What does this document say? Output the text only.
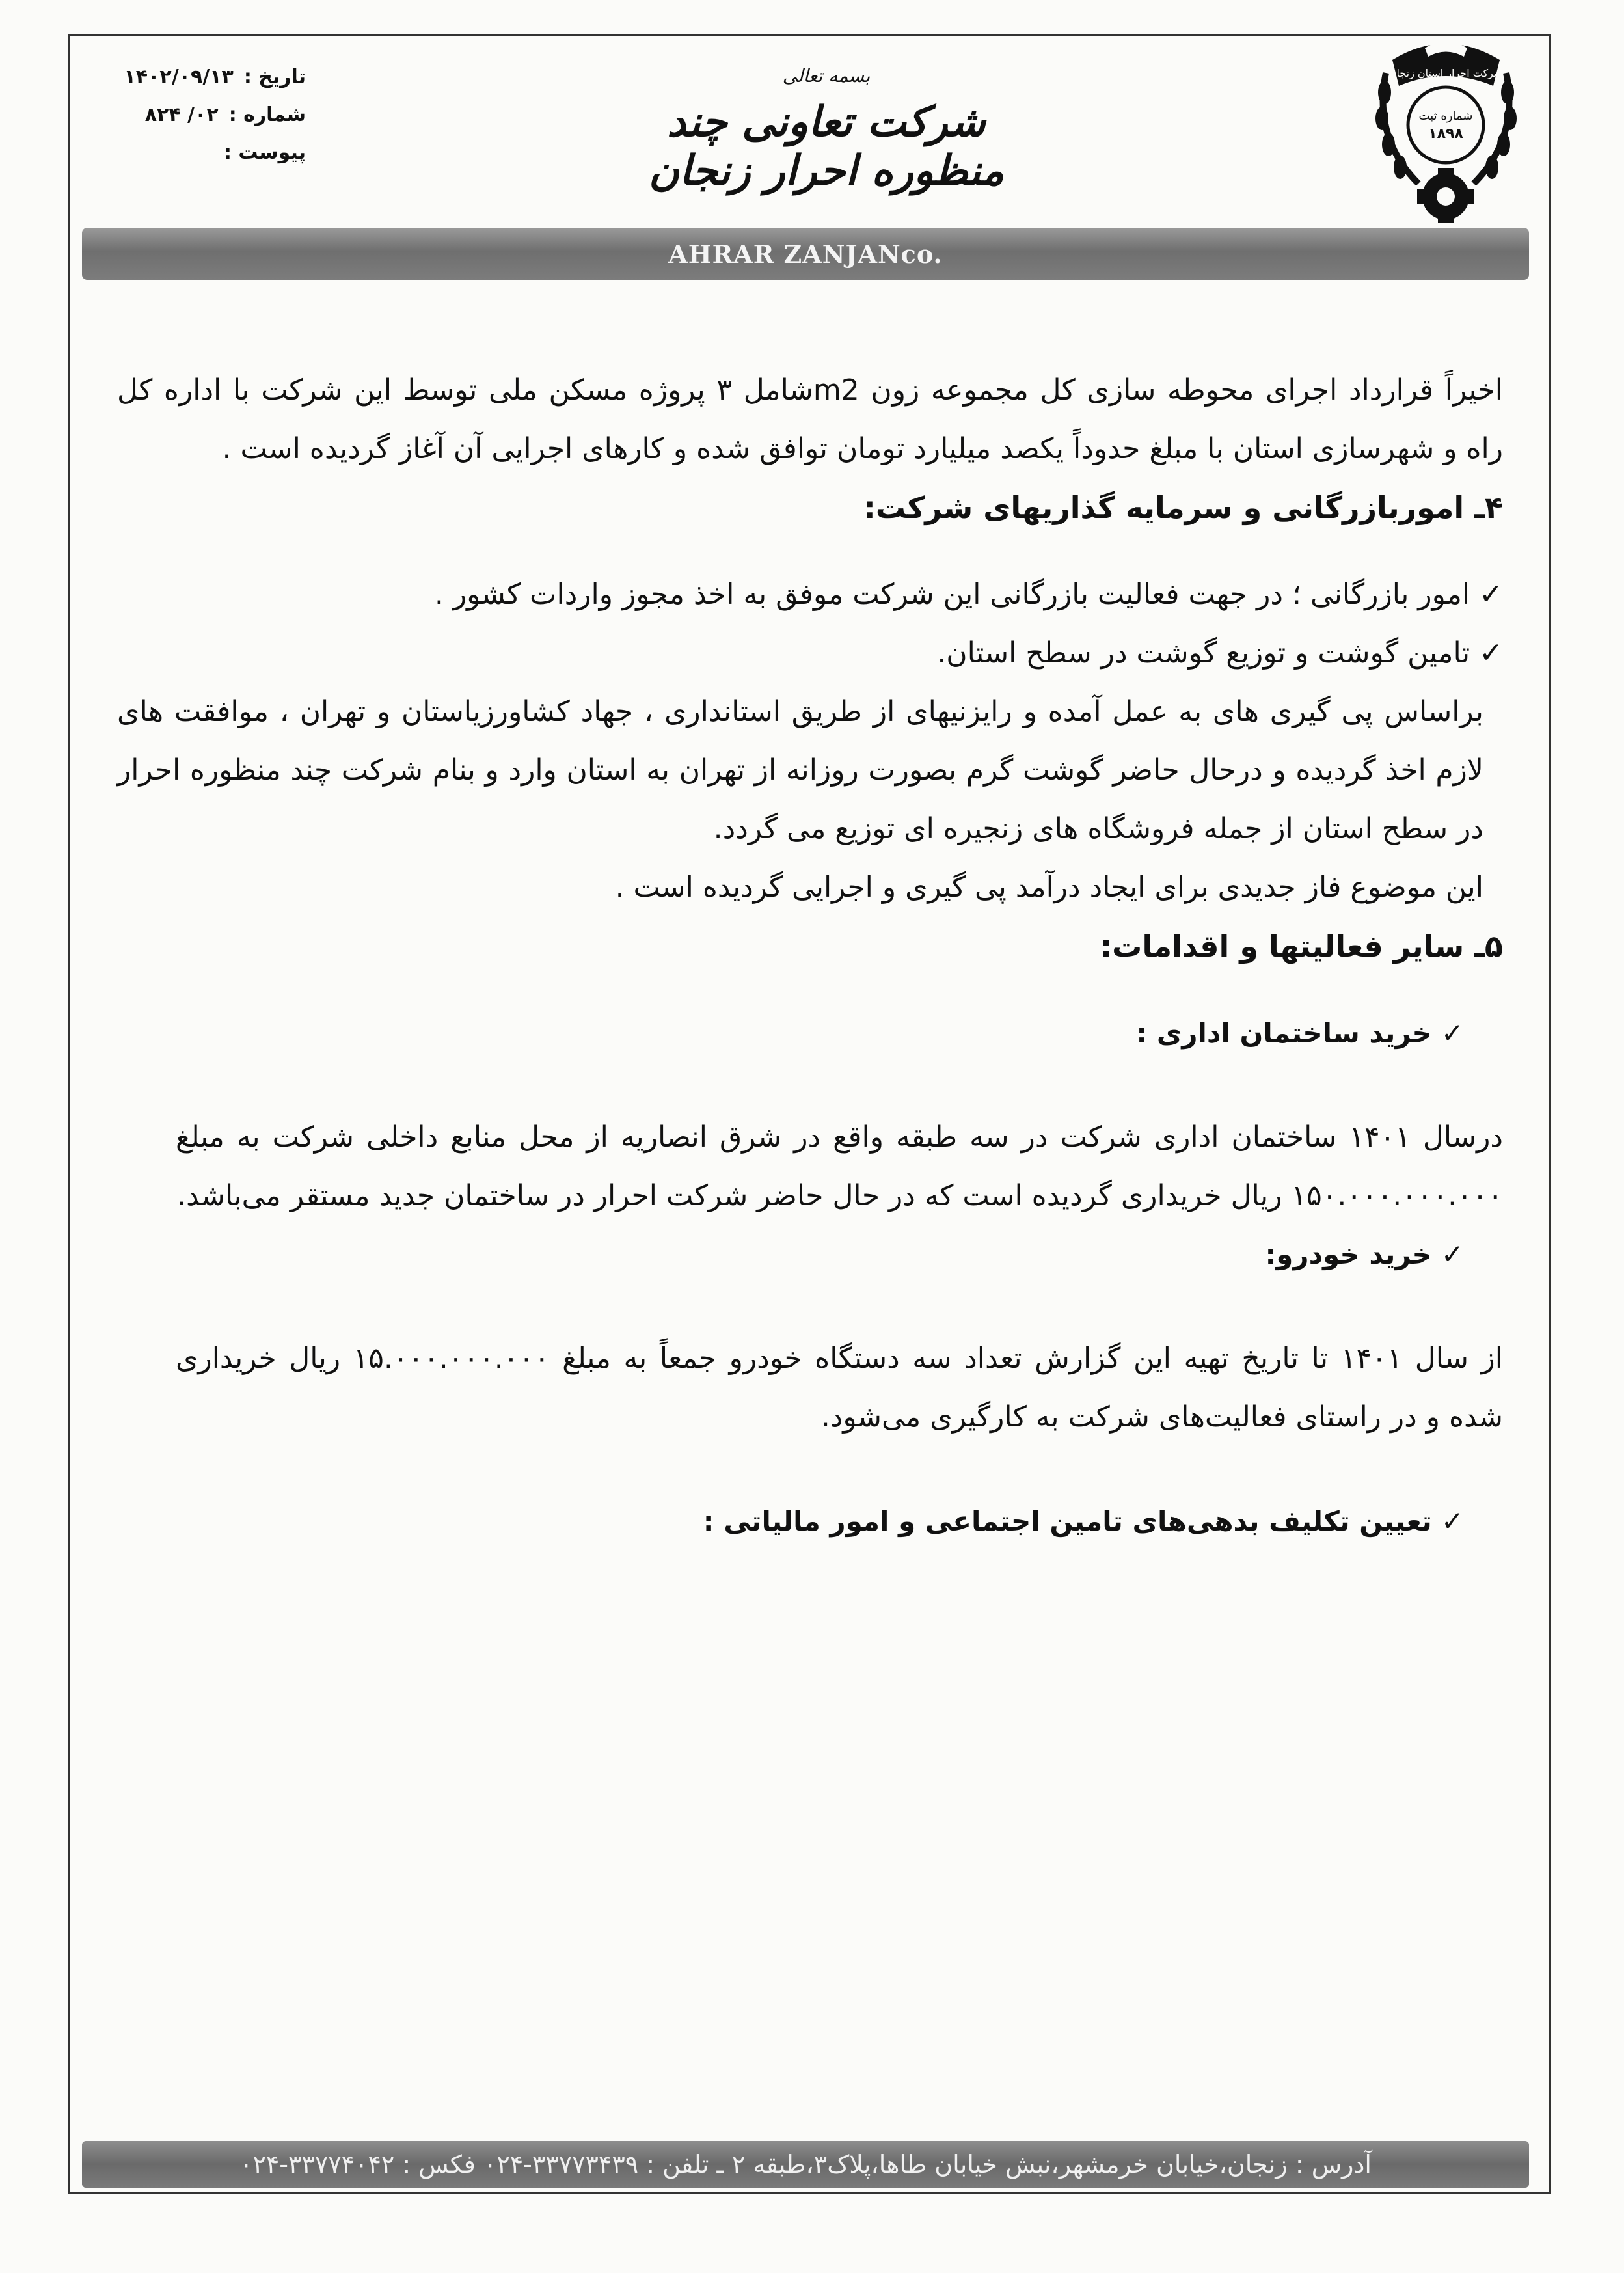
شرکت احرار استان زنجان
شماره ثبت
۱۸۹۸
بسمه تعالی
شرکت تعاونی چند منظوره احرار زنجان
تاریخ :
۱۴۰۲/۰۹/۱۳
شماره :
۰۲/ ۸۲۴
پیوست :
AHRAR ZANJANco.

اخیراً قرارداد اجرای محوطه سازی کل مجموعه زون m2شامل ۳ پروژه مسکن ملی توسط این شرکت با اداره کل راه و شهرسازی استان با مبلغ حدوداً یکصد میلیارد تومان توافق شده و کارهای اجرایی آن آغاز گردیده است .

۴ـ اموربازرگانی و سرمایه گذاریهای شرکت:

✓امور بازرگانی ؛ در جهت فعالیت بازرگانی این شرکت موفق به اخذ مجوز واردات کشور .

✓تامین گوشت و توزیع گوشت در سطح استان.

براساس پی گیری های به عمل آمده و رایزنیهای از طریق استانداری ، جهاد کشاورزیاستان و تهران ، موافقت های لازم اخذ گردیده و درحال حاضر گوشت گرم بصورت روزانه از تهران به استان وارد و بنام شرکت چند منظوره احرار در سطح استان از جمله فروشگاه های زنجیره ای توزیع می گردد.

این موضوع فاز جدیدی برای ایجاد درآمد پی گیری و اجرایی گردیده است .

۵ـ سایر فعالیتها و اقدامات:

✓خرید ساختمان اداری :

درسال ۱۴۰۱ ساختمان اداری شرکت در سه طبقه واقع در شرق انصاریه از محل منابع داخلی شرکت به مبلغ ۱۵۰.۰۰۰.۰۰۰.۰۰۰ ریال خریداری گردیده است که در حال حاضر شرکت احرار در ساختمان جدید مستقر می‌باشد.

✓خرید خودرو:

از سال ۱۴۰۱ تا تاریخ تهیه این گزارش تعداد سه دستگاه خودرو جمعاً به مبلغ ۱۵.۰۰۰.۰۰۰.۰۰۰ ریال خریداری شده و در راستای فعالیت‌های شرکت به کارگیری می‌شود.

✓تعیین تکلیف بدهی‌های تامین اجتماعی و امور مالیاتی :

آدرس : زنجان،خیابان خرمشهر،نبش خیابان طاها،پلاک۳،طبقه ۲ ـ تلفن : ۳۳۷۷۳۴۳۹-۰۲۴ فکس : ۳۳۷۷۴۰۴۲-۰۲۴
